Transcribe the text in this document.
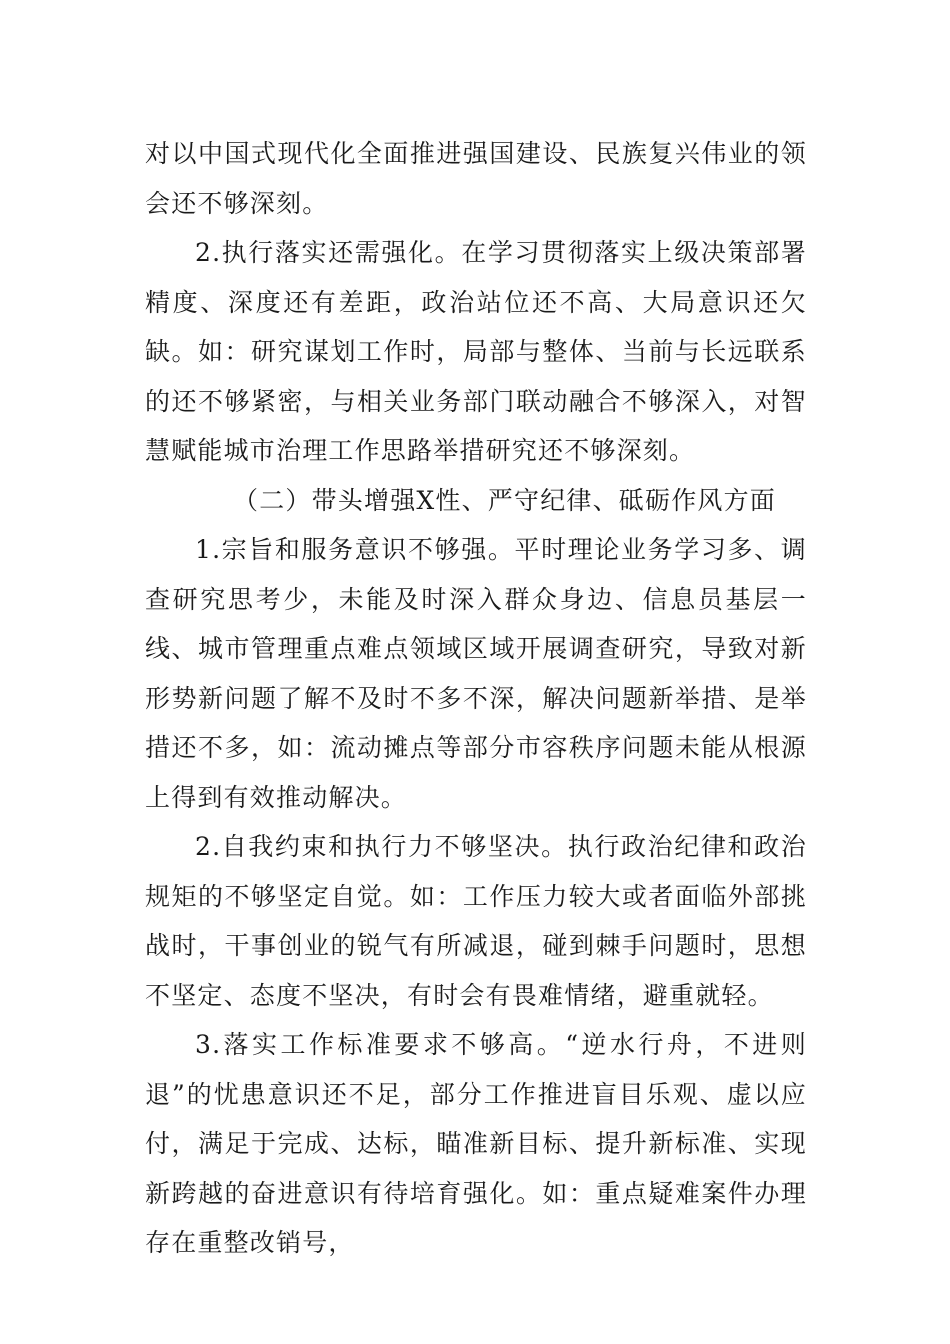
对以中国式现代化全面推进强国建设、民族复兴伟业的领会还不够深刻。

2.执行落实还需强化。在学习贯彻落实上级决策部署精度、深度还有差距，政治站位还不高、大局意识还欠缺。如：研究谋划工作时，局部与整体、当前与长远联系的还不够紧密，与相关业务部门联动融合不够深入，对智慧赋能城市治理工作思路举措研究还不够深刻。

（二）带头增强X性、严守纪律、砥砺作风方面

1.宗旨和服务意识不够强。平时理论业务学习多、调查研究思考少，未能及时深入群众身边、信息员基层一线、城市管理重点难点领域区域开展调查研究，导致对新形势新问题了解不及时不多不深，解决问题新举措、是举措还不多，如：流动摊点等部分市容秩序问题未能从根源上得到有效推动解决。

2.自我约束和执行力不够坚决。执行政治纪律和政治规矩的不够坚定自觉。如：工作压力较大或者面临外部挑战时，干事创业的锐气有所减退，碰到棘手问题时，思想不坚定、态度不坚决，有时会有畏难情绪，避重就轻。

3.落实工作标准要求不够高。“逆水行舟，不进则退”的忧患意识还不足，部分工作推进盲目乐观、虚以应付，满足于完成、达标，瞄准新目标、提升新标准、实现新跨越的奋进意识有待培育强化。如：重点疑难案件办理存在重整改销号，
